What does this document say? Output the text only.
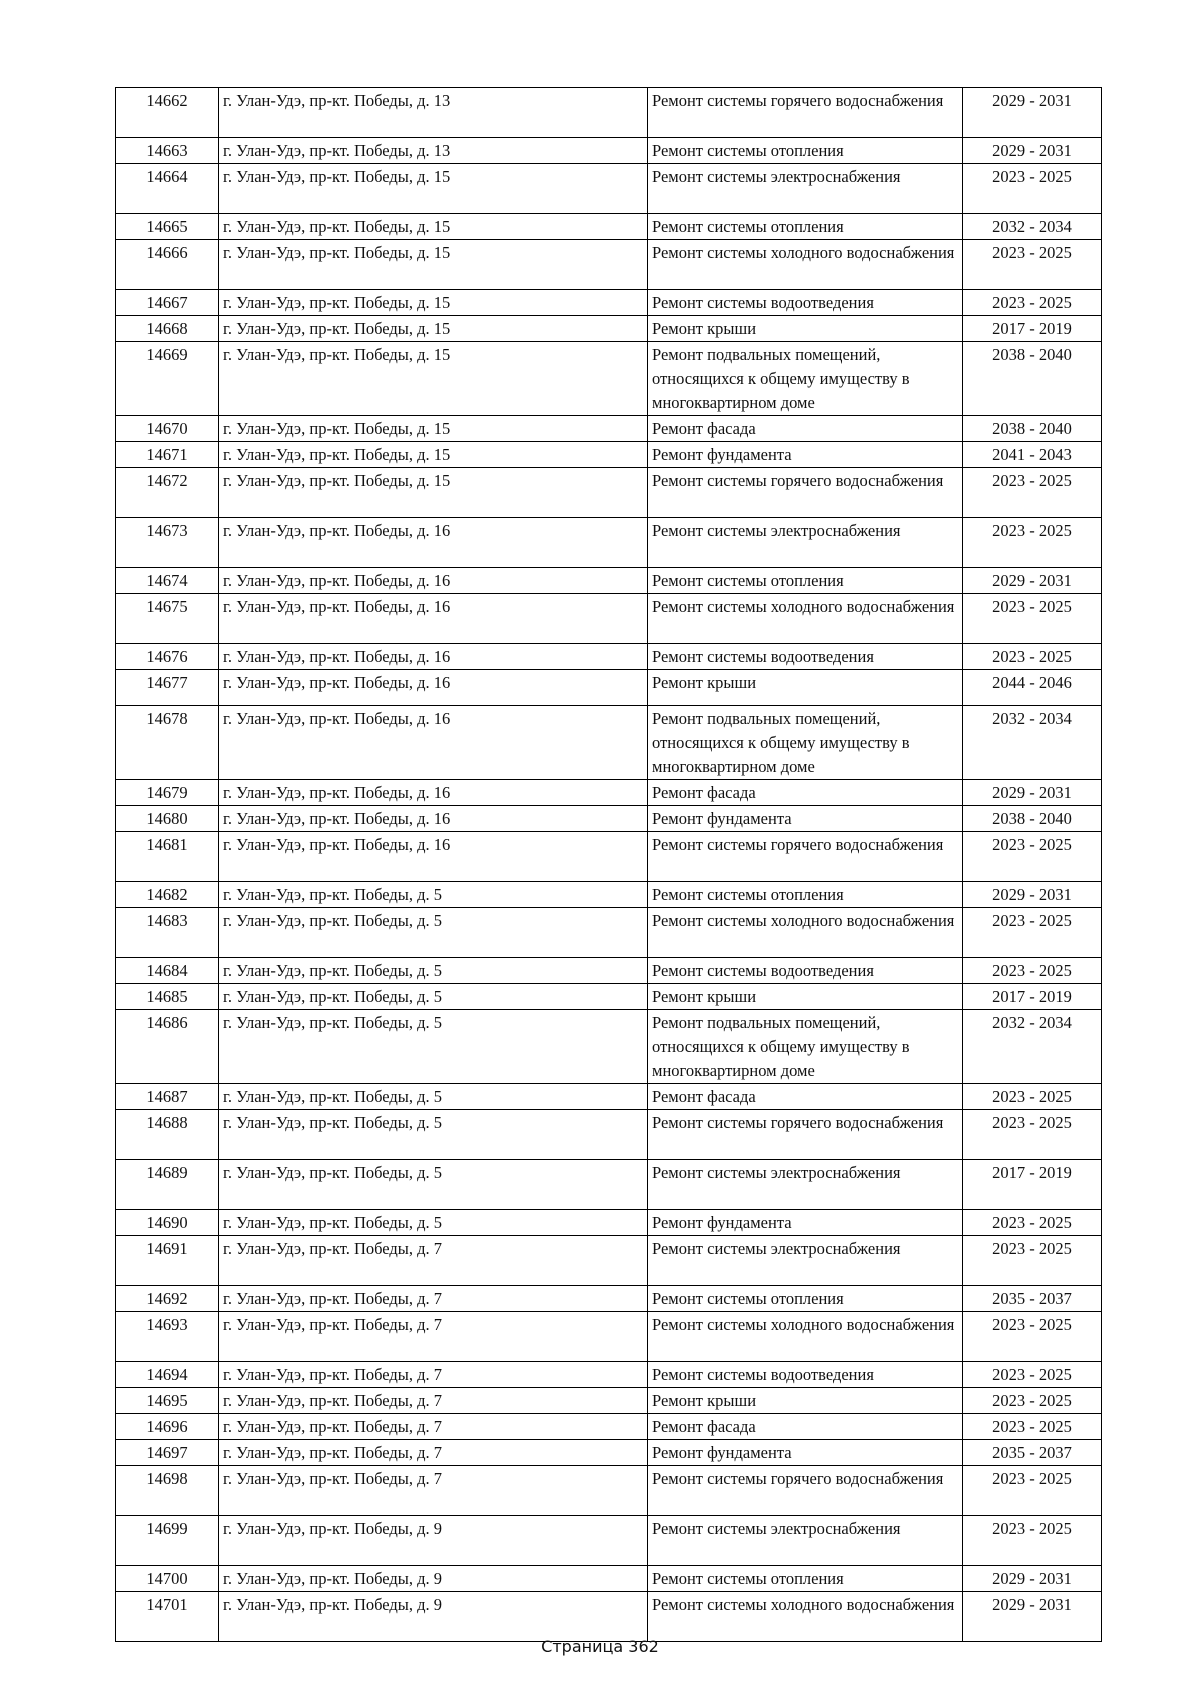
14662	г. Улан-Удэ, пр-кт. Победы, д. 13	Ремонт системы горячего водоснабжения	2029 - 2031
14663	г. Улан-Удэ, пр-кт. Победы, д. 13	Ремонт системы отопления	2029 - 2031
14664	г. Улан-Удэ, пр-кт. Победы, д. 15	Ремонт системы электроснабжения	2023 - 2025
14665	г. Улан-Удэ, пр-кт. Победы, д. 15	Ремонт системы отопления	2032 - 2034
14666	г. Улан-Удэ, пр-кт. Победы, д. 15	Ремонт системы холодного водоснабжения	2023 - 2025
14667	г. Улан-Удэ, пр-кт. Победы, д. 15	Ремонт системы водоотведения	2023 - 2025
14668	г. Улан-Удэ, пр-кт. Победы, д. 15	Ремонт крыши	2017 - 2019
14669	г. Улан-Удэ, пр-кт. Победы, д. 15	Ремонт подвальных помещений, относящихся к общему имуществу в многоквартирном доме	2038 - 2040
14670	г. Улан-Удэ, пр-кт. Победы, д. 15	Ремонт фасада	2038 - 2040
14671	г. Улан-Удэ, пр-кт. Победы, д. 15	Ремонт фундамента	2041 - 2043
14672	г. Улан-Удэ, пр-кт. Победы, д. 15	Ремонт системы горячего водоснабжения	2023 - 2025
14673	г. Улан-Удэ, пр-кт. Победы, д. 16	Ремонт системы электроснабжения	2023 - 2025
14674	г. Улан-Удэ, пр-кт. Победы, д. 16	Ремонт системы отопления	2029 - 2031
14675	г. Улан-Удэ, пр-кт. Победы, д. 16	Ремонт системы холодного водоснабжения	2023 - 2025
14676	г. Улан-Удэ, пр-кт. Победы, д. 16	Ремонт системы водоотведения	2023 - 2025
14677	г. Улан-Удэ, пр-кт. Победы, д. 16	Ремонт крыши	2044 - 2046
14678	г. Улан-Удэ, пр-кт. Победы, д. 16	Ремонт подвальных помещений, относящихся к общему имуществу в многоквартирном доме	2032 - 2034
14679	г. Улан-Удэ, пр-кт. Победы, д. 16	Ремонт фасада	2029 - 2031
14680	г. Улан-Удэ, пр-кт. Победы, д. 16	Ремонт фундамента	2038 - 2040
14681	г. Улан-Удэ, пр-кт. Победы, д. 16	Ремонт системы горячего водоснабжения	2023 - 2025
14682	г. Улан-Удэ, пр-кт. Победы, д. 5	Ремонт системы отопления	2029 - 2031
14683	г. Улан-Удэ, пр-кт. Победы, д. 5	Ремонт системы холодного водоснабжения	2023 - 2025
14684	г. Улан-Удэ, пр-кт. Победы, д. 5	Ремонт системы водоотведения	2023 - 2025
14685	г. Улан-Удэ, пр-кт. Победы, д. 5	Ремонт крыши	2017 - 2019
14686	г. Улан-Удэ, пр-кт. Победы, д. 5	Ремонт подвальных помещений, относящихся к общему имуществу в многоквартирном доме	2032 - 2034
14687	г. Улан-Удэ, пр-кт. Победы, д. 5	Ремонт фасада	2023 - 2025
14688	г. Улан-Удэ, пр-кт. Победы, д. 5	Ремонт системы горячего водоснабжения	2023 - 2025
14689	г. Улан-Удэ, пр-кт. Победы, д. 5	Ремонт системы электроснабжения	2017 - 2019
14690	г. Улан-Удэ, пр-кт. Победы, д. 5	Ремонт фундамента	2023 - 2025
14691	г. Улан-Удэ, пр-кт. Победы, д. 7	Ремонт системы электроснабжения	2023 - 2025
14692	г. Улан-Удэ, пр-кт. Победы, д. 7	Ремонт системы отопления	2035 - 2037
14693	г. Улан-Удэ, пр-кт. Победы, д. 7	Ремонт системы холодного водоснабжения	2023 - 2025
14694	г. Улан-Удэ, пр-кт. Победы, д. 7	Ремонт системы водоотведения	2023 - 2025
14695	г. Улан-Удэ, пр-кт. Победы, д. 7	Ремонт крыши	2023 - 2025
14696	г. Улан-Удэ, пр-кт. Победы, д. 7	Ремонт фасада	2023 - 2025
14697	г. Улан-Удэ, пр-кт. Победы, д. 7	Ремонт фундамента	2035 - 2037
14698	г. Улан-Удэ, пр-кт. Победы, д. 7	Ремонт системы горячего водоснабжения	2023 - 2025
14699	г. Улан-Удэ, пр-кт. Победы, д. 9	Ремонт системы электроснабжения	2023 - 2025
14700	г. Улан-Удэ, пр-кт. Победы, д. 9	Ремонт системы отопления	2029 - 2031
14701	г. Улан-Удэ, пр-кт. Победы, д. 9	Ремонт системы холодного водоснабжения	2029 - 2031
Страница 362
